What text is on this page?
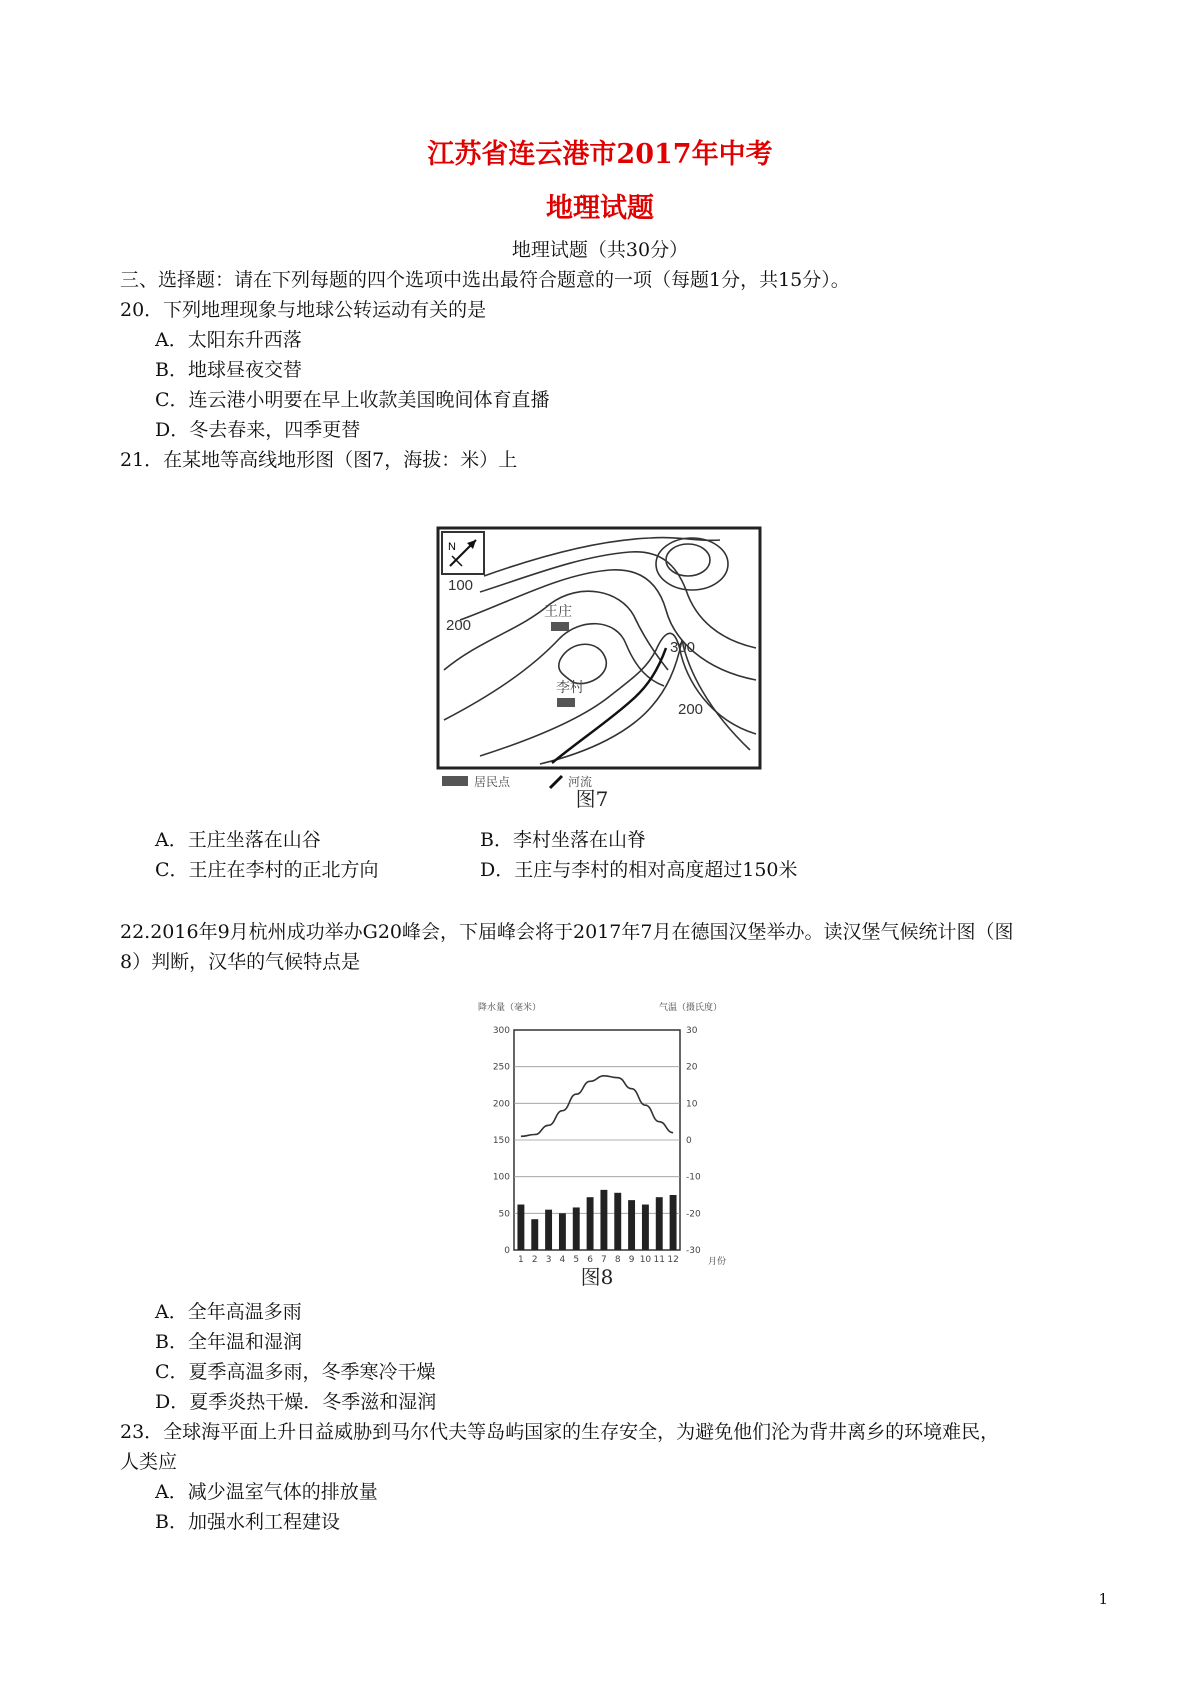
江苏省连云港市2017年中考
地理试题
地理试题（共30分）
三、选择题：请在下列每题的四个选项中选出最符合题意的一项（每题1分，共15分）。
20．下列地理现象与地球公转运动有关的是
A．太阳东升西落
B．地球昼夜交替
C．连云港小明要在早上收款美国晚间体育直播
D．冬去春来，四季更替
21．在某地等高线地形图（图7，海拔：米）上
N
王庄
李村
100
200
300
200
居民点	河流
图7
A．王庄坐落在山谷	B．李村坐落在山脊
C．王庄在李村的正北方向	D．王庄与李村的相对高度超过150米
22.2016年9月杭州成功举办G20峰会，下届峰会将于2017年7月在德国汉堡举办。读汉堡气候统计图（图
8）判断，汉华的气候特点是
降水量（毫米）	气温（摄氏度）
0
50
100
150
200
250
300
-30
-20
-10
0
10
20
30
1 2 3 4 5 6 7 8 9 10 11 12	月份
图8
A．全年高温多雨
B．全年温和湿润
C．夏季高温多雨，冬季寒冷干燥
D．夏季炎热干燥．冬季滋和湿润
23．全球海平面上升日益威胁到马尔代夫等岛屿国家的生存安全，为避免他们沦为背井离乡的环境难民，
人类应
A．减少温室气体的排放量
B．加强水利工程建设
1
